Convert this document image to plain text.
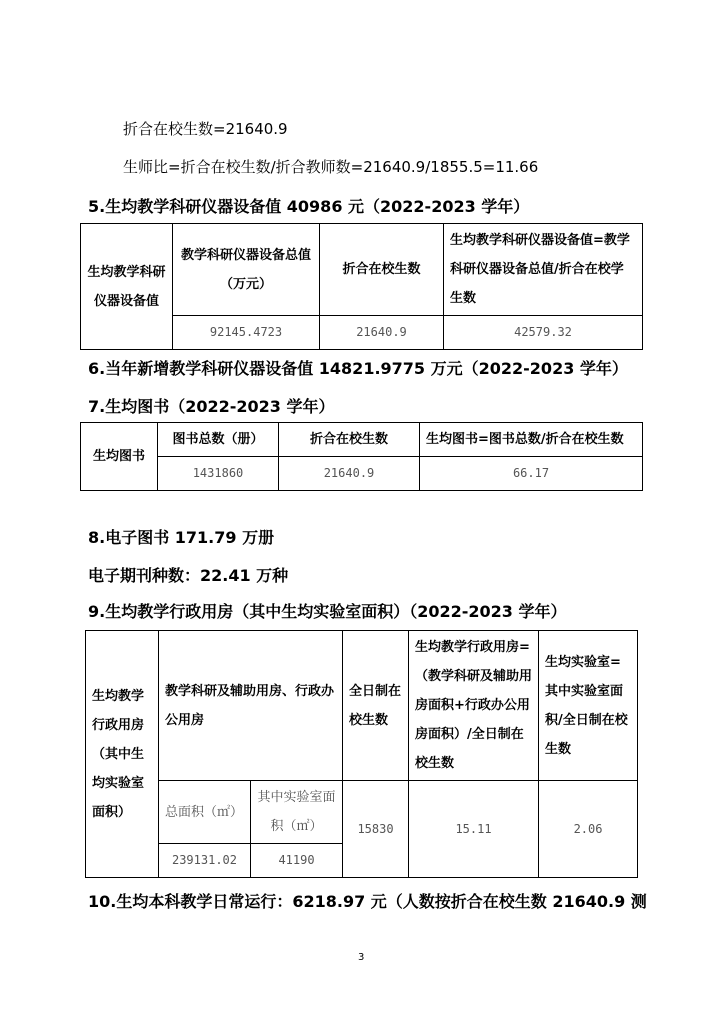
折合在校生数=21640.9
生师比=折合在校生数/折合教师数=21640.9/1855.5=11.66
5.生均教学科研仪器设备值 40986 元（2022-2023 学年）
生均教学科研仪器设备值	教学科研仪器设备总值（万元）	折合在校生数	生均教学科研仪器设备值=教学科研仪器设备总值/折合在校学生数
	92145.4723	21640.9	42579.32
6.当年新增教学科研仪器设备值 14821.9775 万元（2022-2023 学年）
7.生均图书（2022-2023 学年）
生均图书	图书总数（册）	折合在校生数	生均图书=图书总数/折合在校生数
	1431860	21640.9	66.17
8.电子图书 171.79 万册
电子期刊种数：22.41 万种
9.生均教学行政用房（其中生均实验室面积）（2022-2023 学年）
生均教学行政用房（其中生均实验室面积）	教学科研及辅助用房、行政办公用房		全日制在校生数	生均教学行政用房=（教学科研及辅助用房面积+行政办公用房面积）/全日制在校生数	生均实验室=其中实验室面积/全日制在校生数
	总面积（㎡）	其中实验室面积（㎡）	15830	15.11	2.06
	239131.02	41190			
10.生均本科教学日常运行：6218.97 元（人数按折合在校生数 21640.9 测
3
